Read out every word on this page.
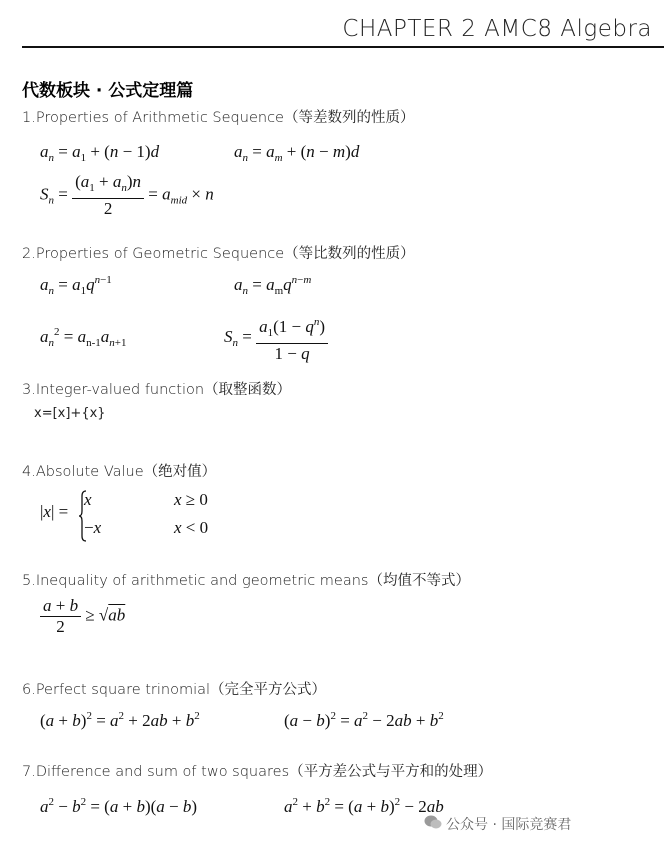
CHAPTER 2 AMC8 Algebra
代数板块 · 公式定理篇
1.Properties of Arithmetic Sequence（等差数列的性质）
$a_n = a_1 + (n - 1)d$	$a_n = a_m + (n - m)d$
$S_n = \frac{(a_1 + a_n)n}{2} = a_{mid} \times n$
2.Properties of Geometric Sequence（等比数列的性质）
$a_n = a_1q^{n-1}$	$a_n = a_mq^{n-m}$
$a_n^2 = a_{n-1}a_{n+1}$	$S_n = \frac{a_1(1 - q^n)}{1 - q}$
3.Integer-valued function（取整函数）
x=[x]+{x}
4.Absolute Value（绝对值）
|x| =
x	x ≥ 0
−x	x < 0
5.Inequality of arithmetic and geometric means（均值不等式）
$\frac{a + b}{2} \ge √ab$
6.Perfect square trinomial（完全平方公式）
$(a + b)^2 = a^2 + 2ab + b^2$	$(a - b)^2 = a^2 - 2ab + b^2$
7.Difference and sum of two squares（平方差公式与平方和的处理）
$a^2 - b^2 = (a + b)(a - b)$	$a^2 + b^2 = (a + b)^2 - 2ab$
公众号 · 国际竞赛君
